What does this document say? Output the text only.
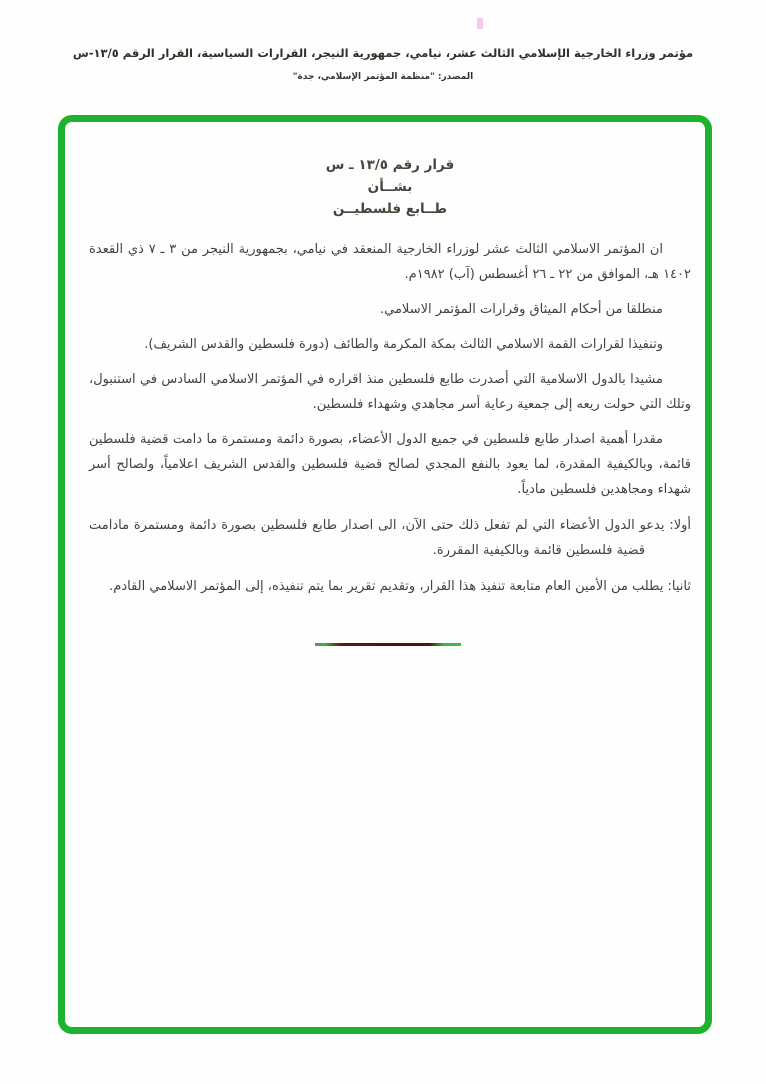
مؤتمر وزراء الخارجية الإسلامي الثالث عشر، نيامي، جمهورية النيجر، القرارات السياسية، القرار الرقم ١٣/٥-س
المصدر: "منظمة المؤتمر الإسلامي، جدة"
قرار رقم ١٣/٥ ـ س
بشــأن
طــابع فلسطيــن

ان المؤتمر الاسلامي الثالث عشر لوزراء الخارجية المنعقد في نيامي، بجمهورية النيجر من ٣ ـ ٧ ذي القعدة ١٤٠٢ هـ، الموافق من ٢٢ ـ ٢٦ أغسطس (آب) ١٩٨٢م.

منطلقا من أحكام الميثاق وقرارات المؤتمر الاسلامي.

وتنفيذا لقرارات القمة الاسلامي الثالث بمكة المكرمة والطائف (دورة فلسطين والقدس الشريف).

مشيدا بالدول الاسلامية التي أصدرت طابع فلسطين منذ اقراره في المؤتمر الاسلامي السادس في استنبول، وتلك التي حولت ريعه إلى جمعية رعاية أسر مجاهدي وشهداء فلسطين.

مقدرا أهمية اصدار طابع فلسطين في جميع الدول الأعضاء، بصورة دائمة ومستمرة ما دامت قضية فلسطين قائمة، وبالكيفية المقدرة، لما يعود بالنفع المجدي لصالح قضية فلسطين والقدس الشريف اعلامياً، ولصالح أسر شهداء ومجاهدين فلسطين مادياً.

أولا: يدعو الدول الأعضاء التي لم تفعل ذلك حتى الآن، الى اصدار طابع فلسطين بصورة دائمة ومستمرة مادامت قضية فلسطين قائمة وبالكيفية المقررة.

ثانيا: يطلب من الأمين العام متابعة تنفيذ هذا القرار، وتقديم تقرير بما يتم تنفيذه، إلى المؤتمر الاسلامي القادم.
